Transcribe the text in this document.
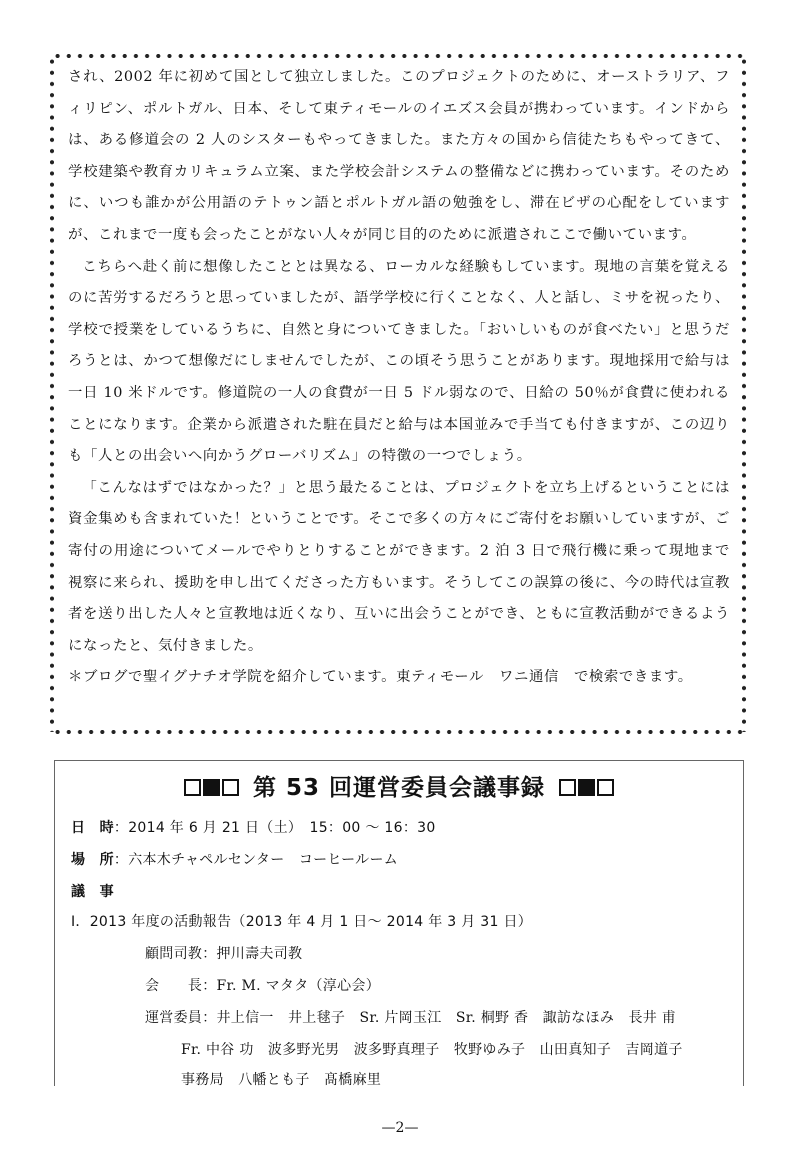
され、2002 年に初めて国として独立しました。このプロジェクトのために、オーストラリア、フィリピン、ポルトガル、日本、そして東ティモールのイエズス会員が携わっています。インドからは、ある修道会の 2 人のシスターもやってきました。また方々の国から信徒たちもやってきて、学校建築や教育カリキュラム立案、また学校会計システムの整備などに携わっています。そのために、いつも誰かが公用語のテトゥン語とポルトガル語の勉強をし、滞在ビザの心配をしていますが、これまで一度も会ったことがない人々が同じ目的のために派遣されここで働いています。

こちらへ赴く前に想像したこととは異なる、ローカルな経験もしています。現地の言葉を覚えるのに苦労するだろうと思っていましたが、語学学校に行くことなく、人と話し、ミサを祝ったり、学校で授業をしているうちに、自然と身についてきました。「おいしいものが食べたい」と思うだろうとは、かつて想像だにしませんでしたが、この頃そう思うことがあります。現地採用で給与は一日 10 米ドルです。修道院の一人の食費が一日 5 ドル弱なので、日給の 50％が食費に使われることになります。企業から派遣された駐在員だと給与は本国並みで手当ても付きますが、この辺りも「人との出会いへ向かうグローバリズム」の特徴の一つでしょう。

「こんなはずではなかった？」と思う最たることは、プロジェクトを立ち上げるということには資金集めも含まれていた！ということです。そこで多くの方々にご寄付をお願いしていますが、ご寄付の用途についてメールでやりとりすることができます。2 泊 3 日で飛行機に乗って現地まで視察に来られ、援助を申し出てくださった方もいます。そうしてこの誤算の後に、今の時代は宣教者を送り出した人々と宣教地は近くなり、互いに出会うことができ、ともに宣教活動ができるようになったと、気付きました。

＊ブログで聖イグナチオ学院を紹介しています。東ティモール　ワニ通信　で検索できます。

第 53 回運営委員会議事録
日　時：2014 年 6 月 21 日（土）　15：00 〜 16：30
場　所：六本木チャペルセンター　コーヒールーム
議　事
Ⅰ．2013 年度の活動報告（2013 年 4 月 1 日〜 2014 年 3 月 31 日）
顧問司教：押川壽夫司教
会　　長：Fr. M. マタタ（淳心会）
運営委員：井上信一　井上毬子　Sr. 片岡玉江　Sr. 桐野 香　諏訪なほみ　長井 甫
Fr. 中谷 功　波多野光男　波多野真理子　牧野ゆみ子　山田真知子　吉岡道子
事務局　八幡とも子　髙橋麻里
—2—
